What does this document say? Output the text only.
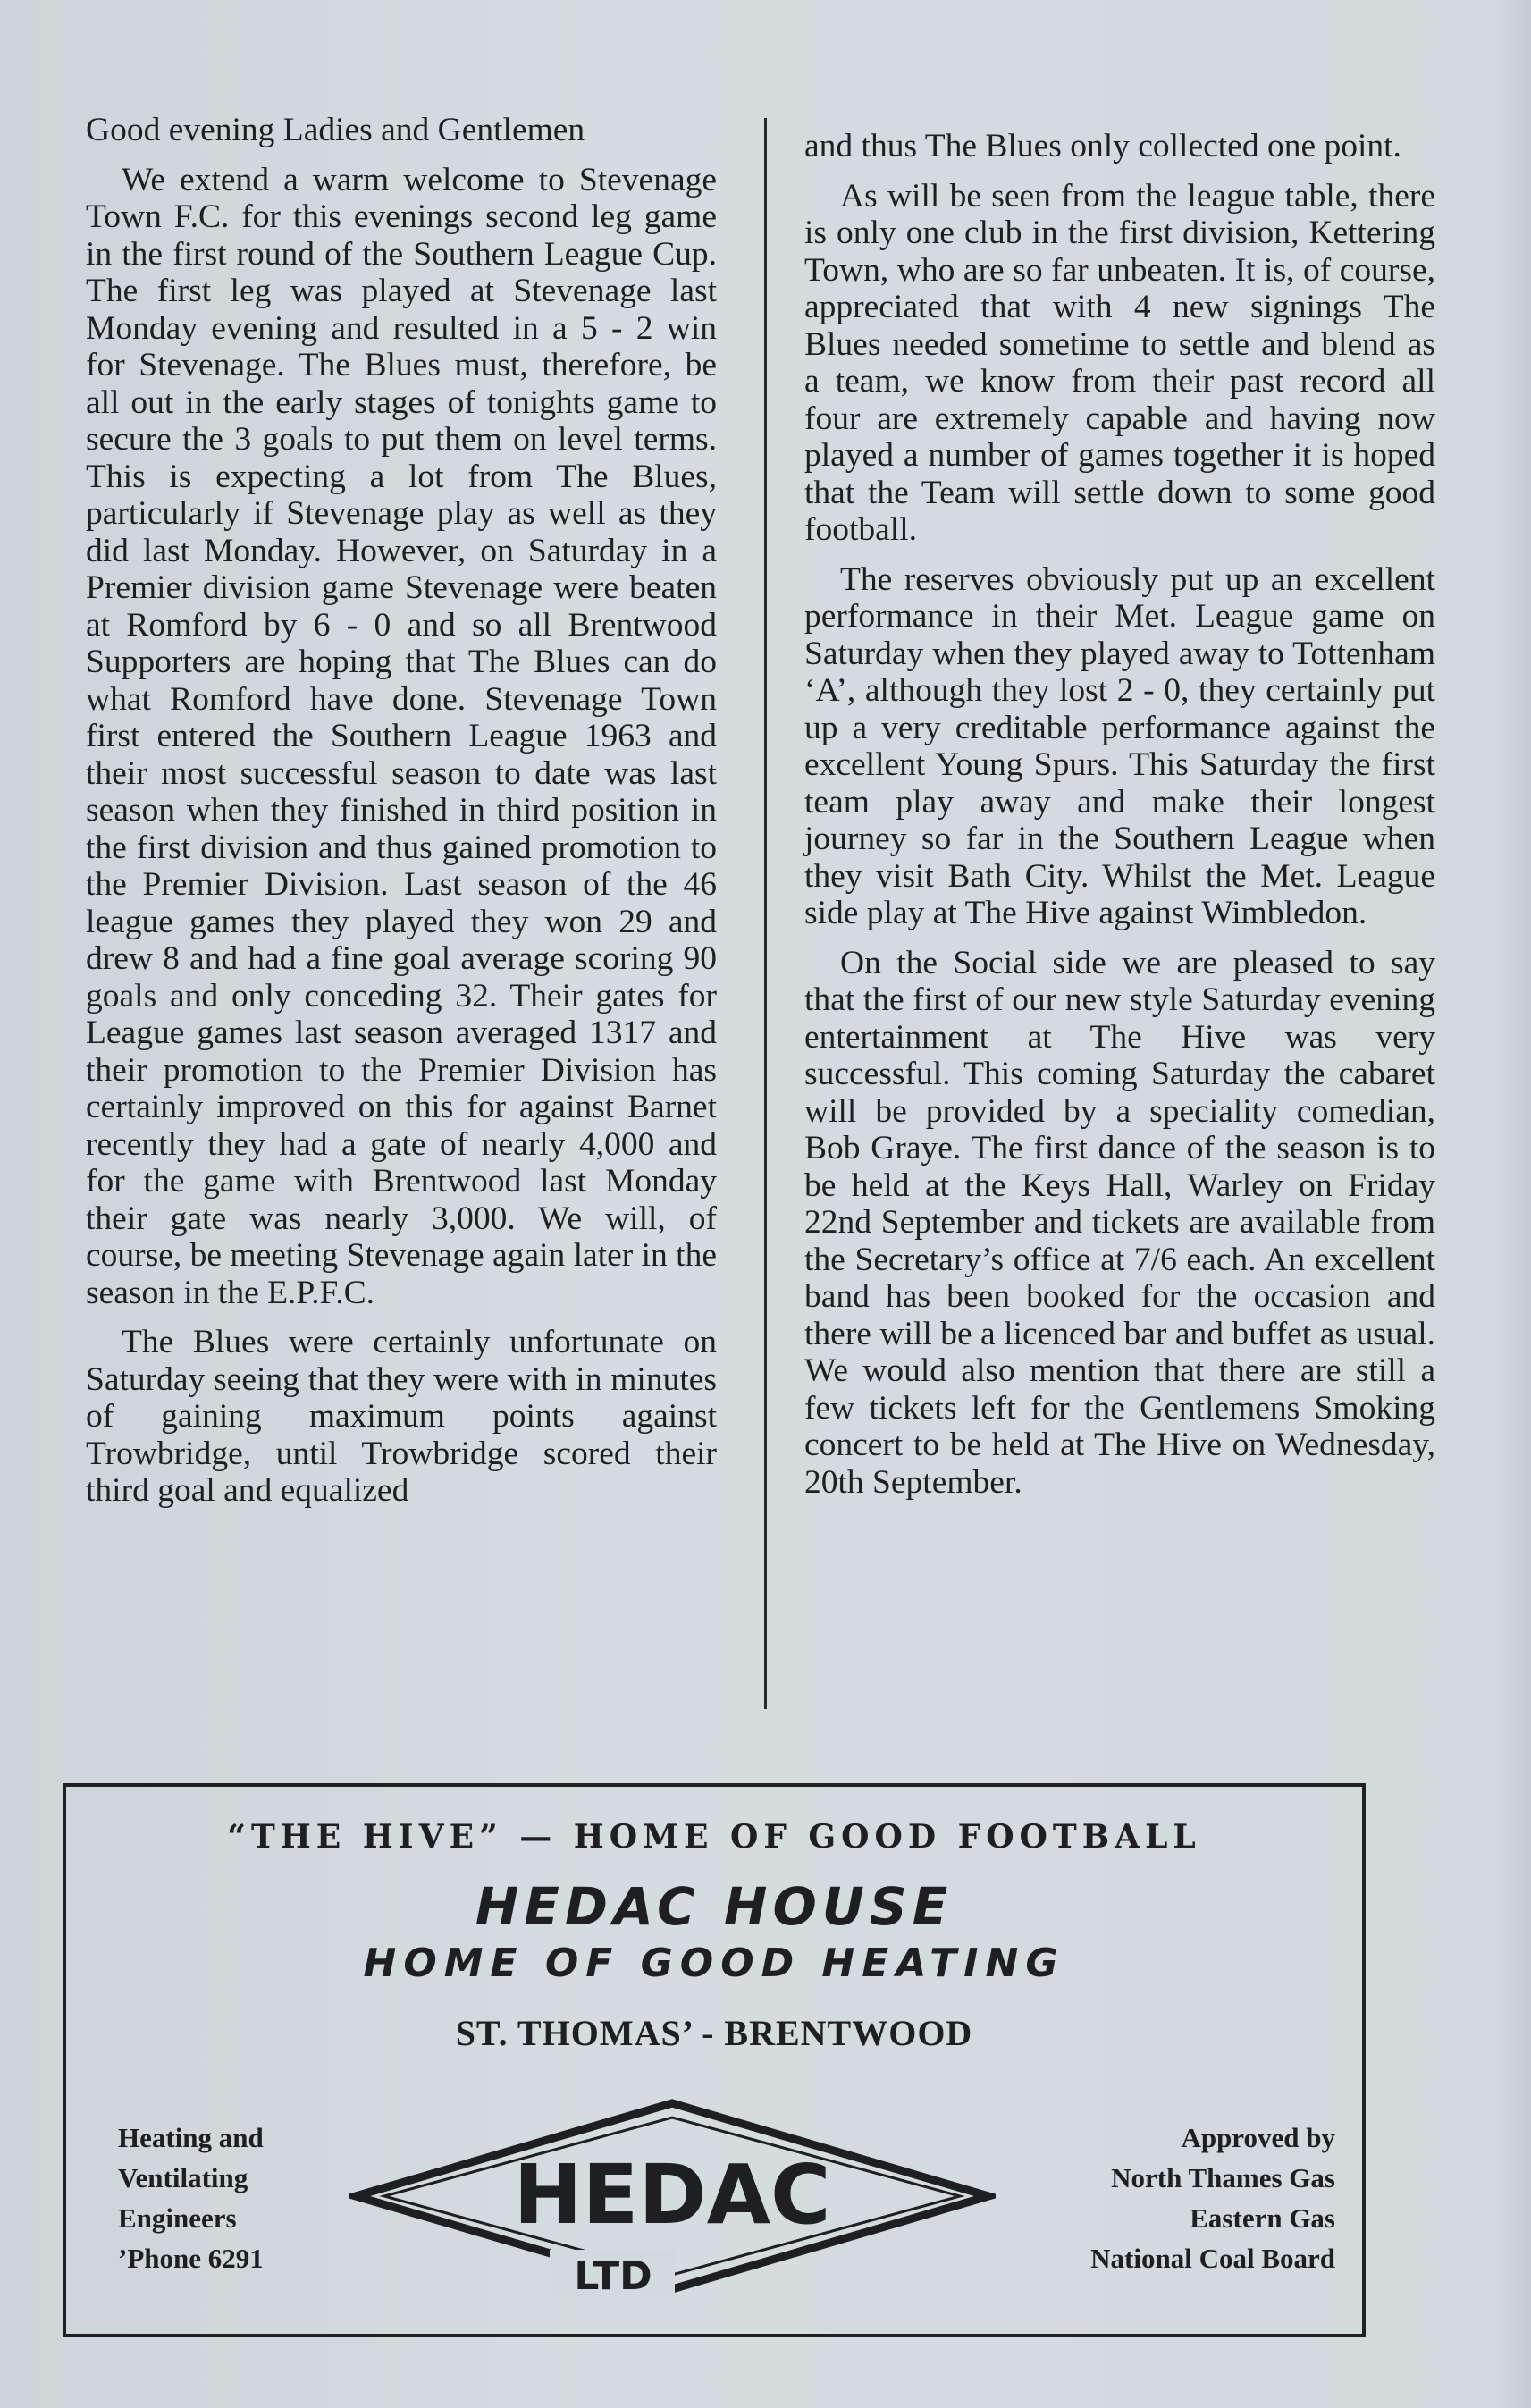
Good evening Ladies and Gentlemen

We extend a warm welcome to Stevenage Town F.C. for this evenings second leg game in the first round of the Southern League Cup. The first leg was played at Stevenage last Monday evening and resulted in a 5 - 2 win for Stevenage. The Blues must, therefore, be all out in the early stages of tonights game to secure the 3 goals to put them on level terms. This is expecting a lot from The Blues, particularly if Stevenage play as well as they did last Monday. However, on Saturday in a Premier division game Stevenage were beaten at Romford by 6 - 0 and so all Brentwood Supporters are hoping that The Blues can do what Romford have done. Stevenage Town first entered the Southern League 1963 and their most successful season to date was last season when they finished in third position in the first division and thus gained promotion to the Premier Division. Last season of the 46 league games they played they won 29 and drew 8 and had a fine goal average scoring 90 goals and only conceding 32. Their gates for League games last season averaged 1317 and their promotion to the Premier Division has certainly improved on this for against Barnet recently they had a gate of nearly 4,000 and for the game with Brentwood last Monday their gate was nearly 3,000. We will, of course, be meeting Stevenage again later in the season in the E.P.F.C.

The Blues were certainly unfortunate on Saturday seeing that they were with in minutes of gaining maximum points against Trowbridge, until Trowbridge scored their third goal and equalized

and thus The Blues only collected one point.

As will be seen from the league table, there is only one club in the first division, Kettering Town, who are so far unbeaten. It is, of course, appreciated that with 4 new signings The Blues needed sometime to settle and blend as a team, we know from their past record all four are extremely capable and having now played a number of games together it is hoped that the Team will settle down to some good football.

The reserves obviously put up an excellent performance in their Met. League game on Saturday when they played away to Tottenham ‘A’, although they lost 2 - 0, they certainly put up a very creditable performance against the excellent Young Spurs. This Saturday the first team play away and make their longest journey so far in the Southern League when they visit Bath City. Whilst the Met. League side play at The Hive against Wimbledon.

On the Social side we are pleased to say that the first of our new style Saturday evening entertainment at The Hive was very successful. This coming Saturday the cabaret will be provided by a speciality comedian, Bob Graye. The first dance of the season is to be held at the Keys Hall, Warley on Friday 22nd September and tickets are available from the Secretary’s office at 7/6 each. An excellent band has been booked for the occasion and there will be a licenced bar and buffet as usual. We would also mention that there are still a few tickets left for the Gentlemens Smoking concert to be held at The Hive on Wednesday, 20th September.

“THE HIVE” — HOME OF GOOD FOOTBALL
HEDAC HOUSE
HOME OF GOOD HEATING
ST. THOMAS’ - BRENTWOOD
Heating and
Ventilating
Engineers
’Phone 6291
HEDAC
LTD
Approved by
North Thames Gas
Eastern Gas
National Coal Board
